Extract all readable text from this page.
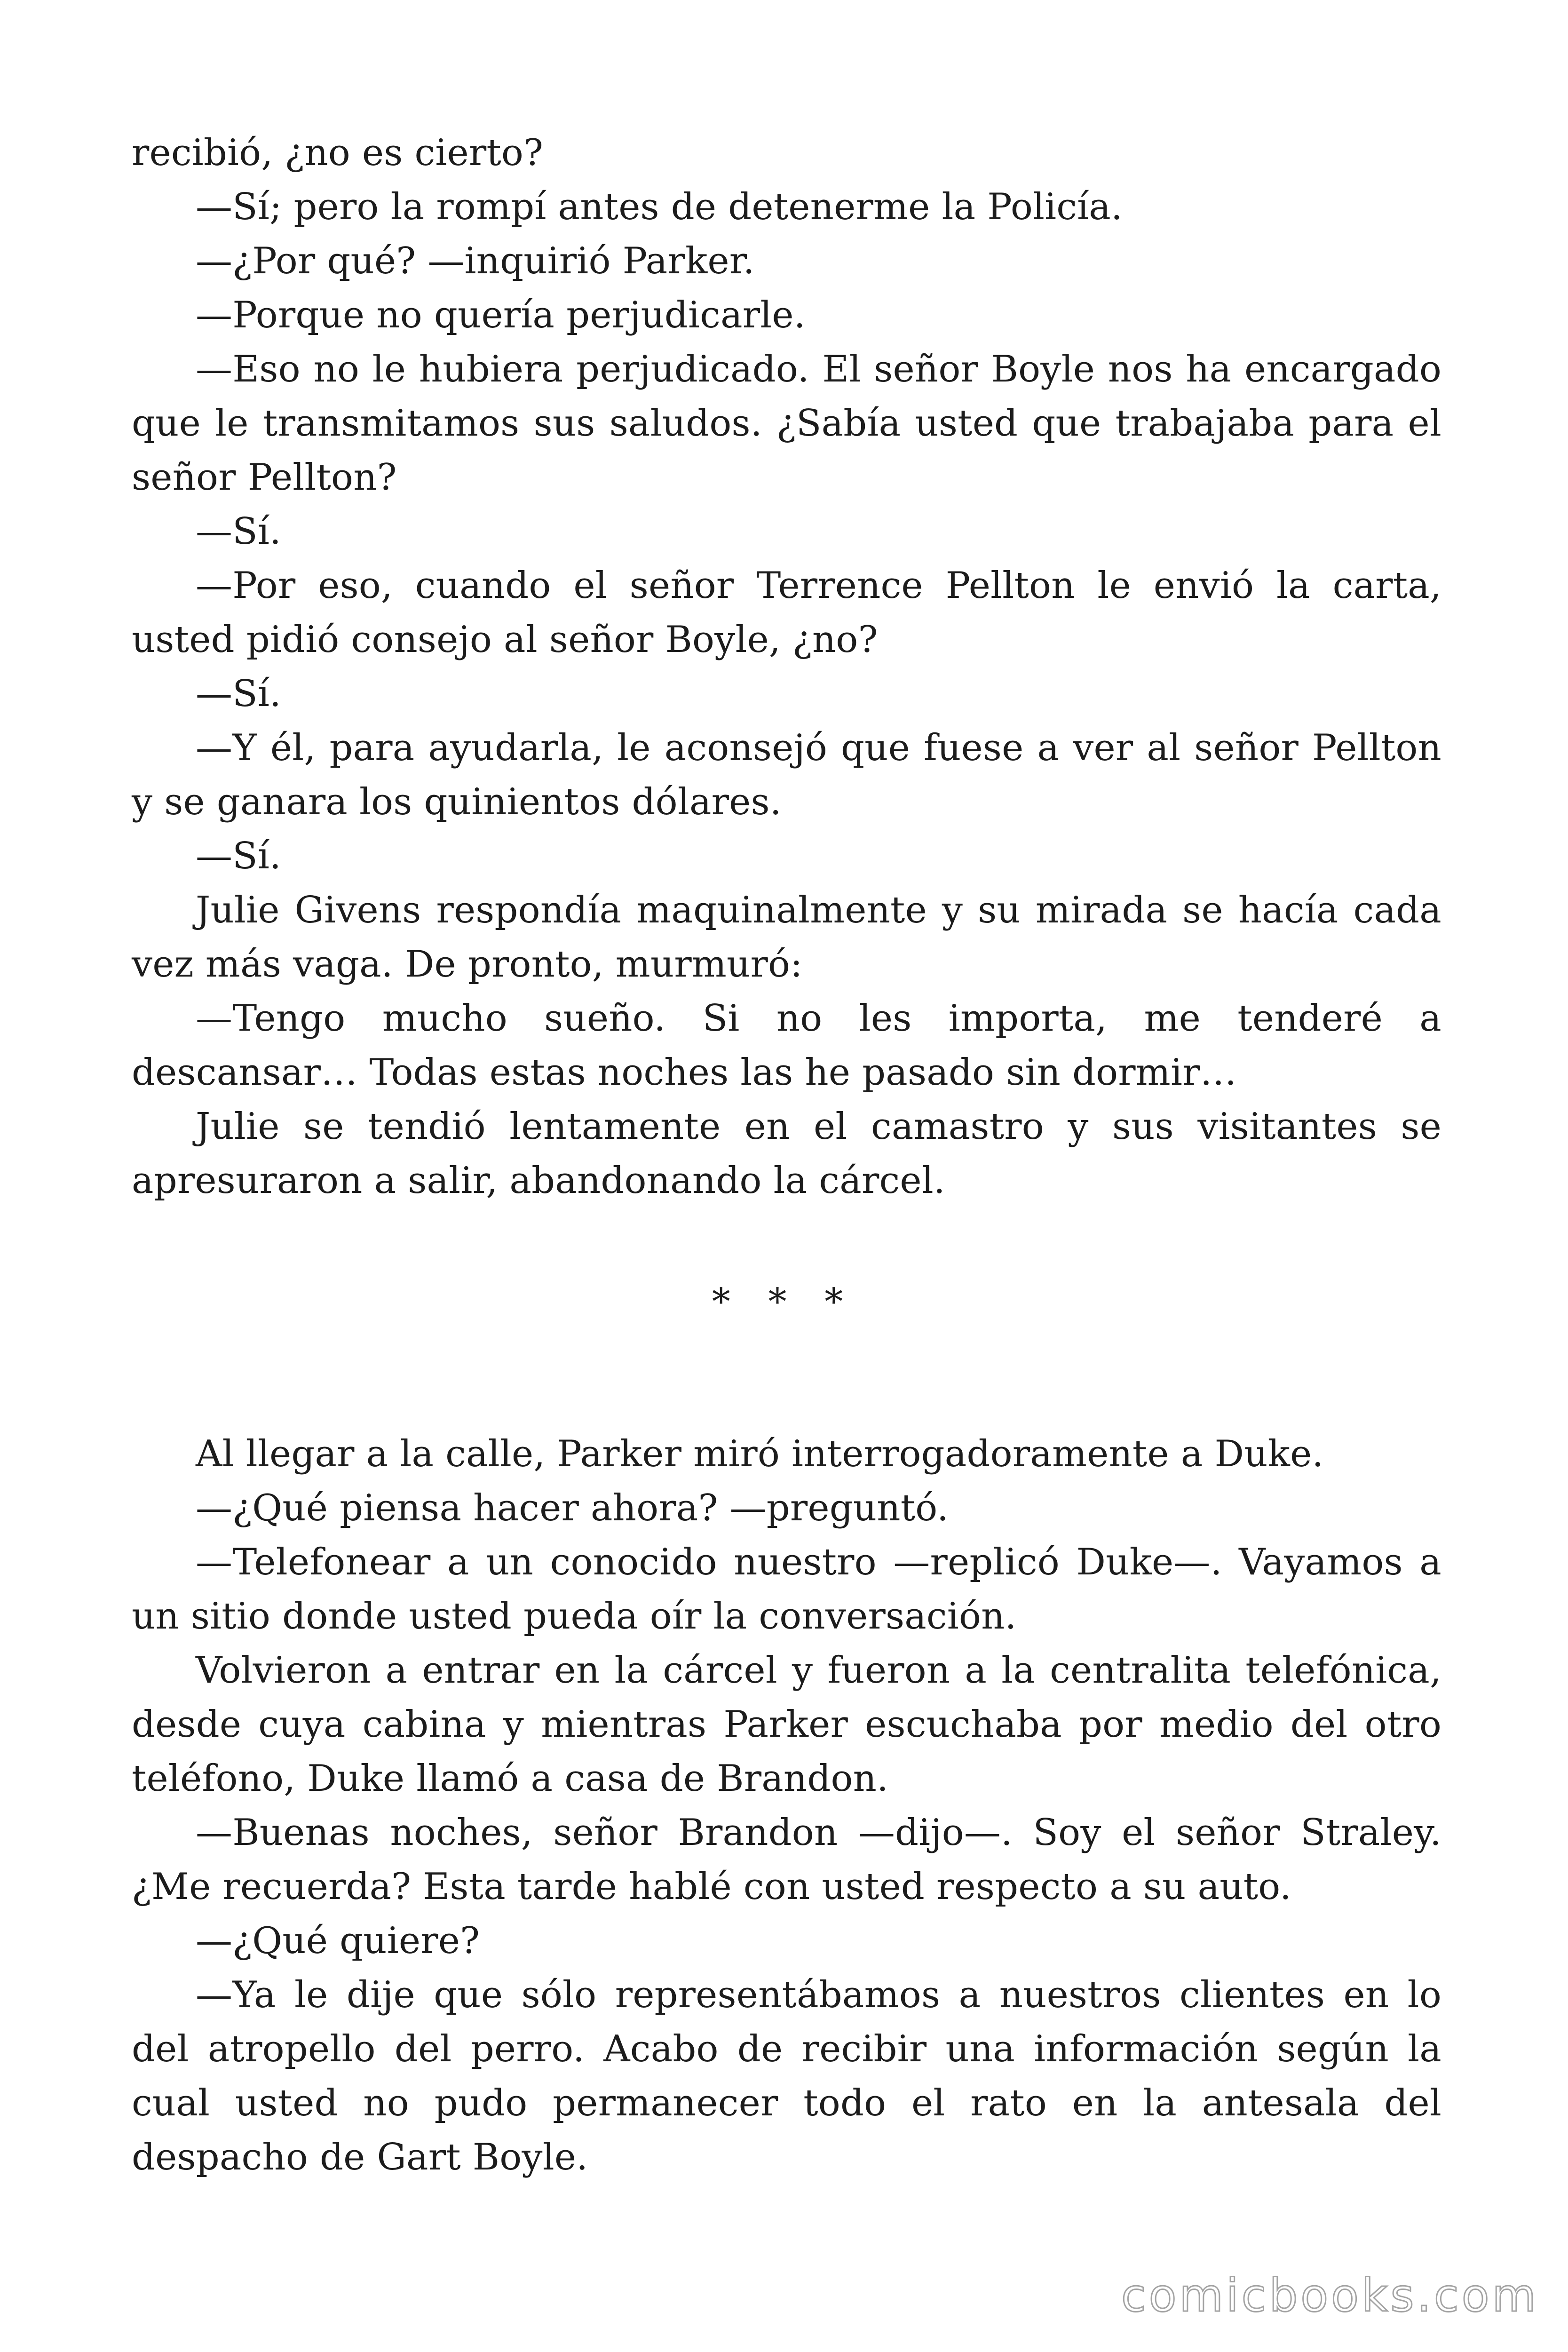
recibió, ¿no es cierto?

—Sí; pero la rompí antes de detenerme la Policía.

—¿Por qué? —inquirió Parker.

—Porque no quería perjudicarle.

—Eso no le hubiera perjudicado. El señor Boyle nos ha encargado que le transmitamos sus saludos. ¿Sabía usted que trabajaba para el señor Pellton?

—Sí.

—Por eso, cuando el señor Terrence Pellton le envió la carta, usted pidió consejo al señor Boyle, ¿no?

—Sí.

—Y él, para ayudarla, le aconsejó que fuese a ver al señor Pellton y se ganara los quinientos dólares.

—Sí.

Julie Givens respondía maquinalmente y su mirada se hacía cada vez más vaga. De pronto, murmuró:

—Tengo mucho sueño. Si no les importa, me tenderé a descansar… Todas estas noches las he pasado sin dormir…

Julie se tendió lentamente en el camastro y sus visitantes se apresuraron a salir, abandonando la cárcel.

* * *

Al llegar a la calle, Parker miró interrogadoramente a Duke.

—¿Qué piensa hacer ahora? —preguntó.

—Telefonear a un conocido nuestro —replicó Duke—. Vayamos a un sitio donde usted pueda oír la conversación.

Volvieron a entrar en la cárcel y fueron a la centralita telefónica, desde cuya cabina y mientras Parker escuchaba por medio del otro teléfono, Duke llamó a casa de Brandon.

—Buenas noches, señor Brandon —dijo—. Soy el señor Straley. ¿Me recuerda? Esta tarde hablé con usted respecto a su auto.

—¿Qué quiere?

—Ya le dije que sólo representábamos a nuestros clientes en lo del atropello del perro. Acabo de recibir una información según la cual usted no pudo permanecer todo el rato en la antesala del despacho de Gart Boyle.

comicbooks.com
